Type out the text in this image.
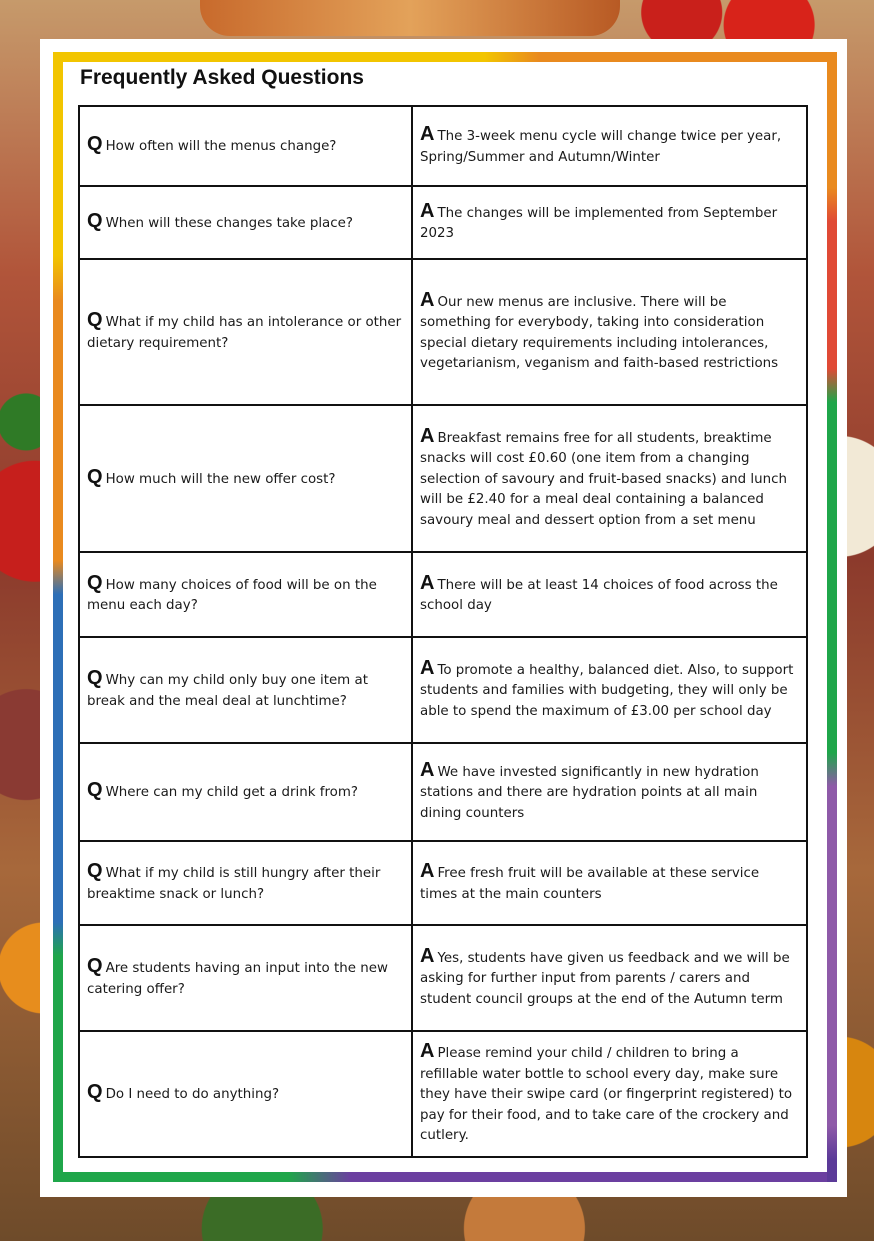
Frequently Asked Questions
Q How often will the menus change?	A The 3-week menu cycle will change twice per year, Spring/Summer and Autumn/Winter
Q When will these changes take place?	A The changes will be implemented from September 2023
Q What if my child has an intolerance or other dietary requirement?	A Our new menus are inclusive. There will be something for everybody, taking into consideration special dietary requirements including intolerances, vegetarianism, veganism and faith-based restrictions
Q How much will the new offer cost?	A Breakfast remains free for all students, breaktime snacks will cost £0.60 (one item from a changing selection of savoury and fruit-based snacks) and lunch will be £2.40 for a meal deal containing a balanced savoury meal and dessert option from a set menu
Q How many choices of food will be on the menu each day?	A There will be at least 14 choices of food across the school day
Q Why can my child only buy one item at break and the meal deal at lunchtime?	A To promote a healthy, balanced diet. Also, to support students and families with budgeting, they will only be able to spend the maximum of £3.00 per school day
Q Where can my child get a drink from?	A We have invested significantly in new hydration stations and there are hydration points at all main dining counters
Q What if my child is still hungry after their breaktime snack or lunch?	A Free fresh fruit will be available at these service times at the main counters
Q Are students having an input into the new catering offer?	A Yes, students have given us feedback and we will be asking for further input from parents / carers and student council groups at the end of the Autumn term
Q Do I need to do anything?	A Please remind your child / children to bring a refillable water bottle to school every day, make sure they have their swipe card (or fingerprint registered) to pay for their food, and to take care of the crockery and cutlery.
